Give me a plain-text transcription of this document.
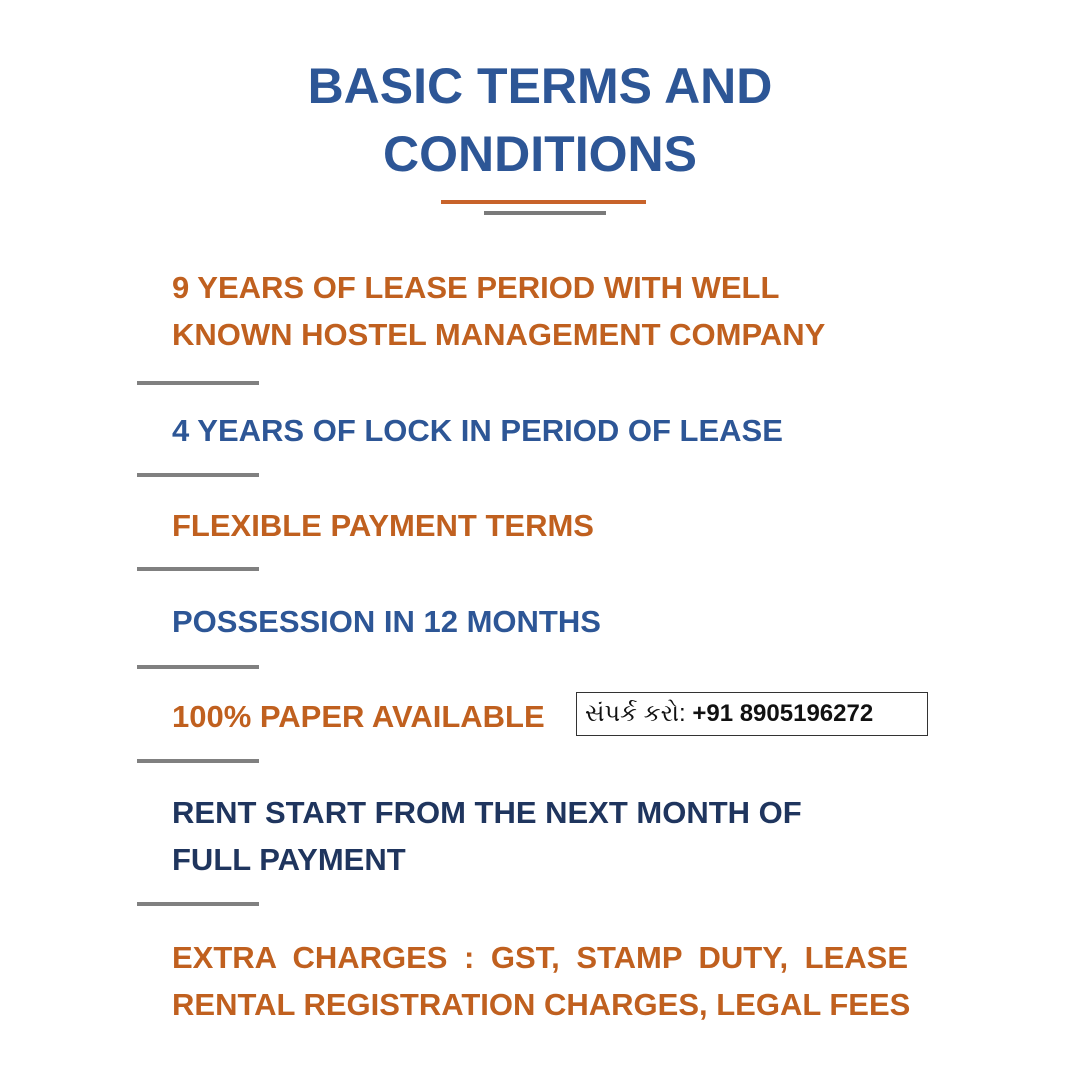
BASIC TERMS AND
CONDITIONS
9 YEARS OF LEASE PERIOD WITH WELL
KNOWN HOSTEL MANAGEMENT COMPANY
4 YEARS OF LOCK IN PERIOD OF LEASE
FLEXIBLE PAYMENT TERMS
POSSESSION IN 12 MONTHS
100% PAPER AVAILABLE	સંપર્ક કરો: +91 8905196272
RENT START FROM THE NEXT MONTH OF
FULL PAYMENT
EXTRA CHARGES : GST, STAMP DUTY, LEASE
RENTAL REGISTRATION CHARGES, LEGAL FEES
